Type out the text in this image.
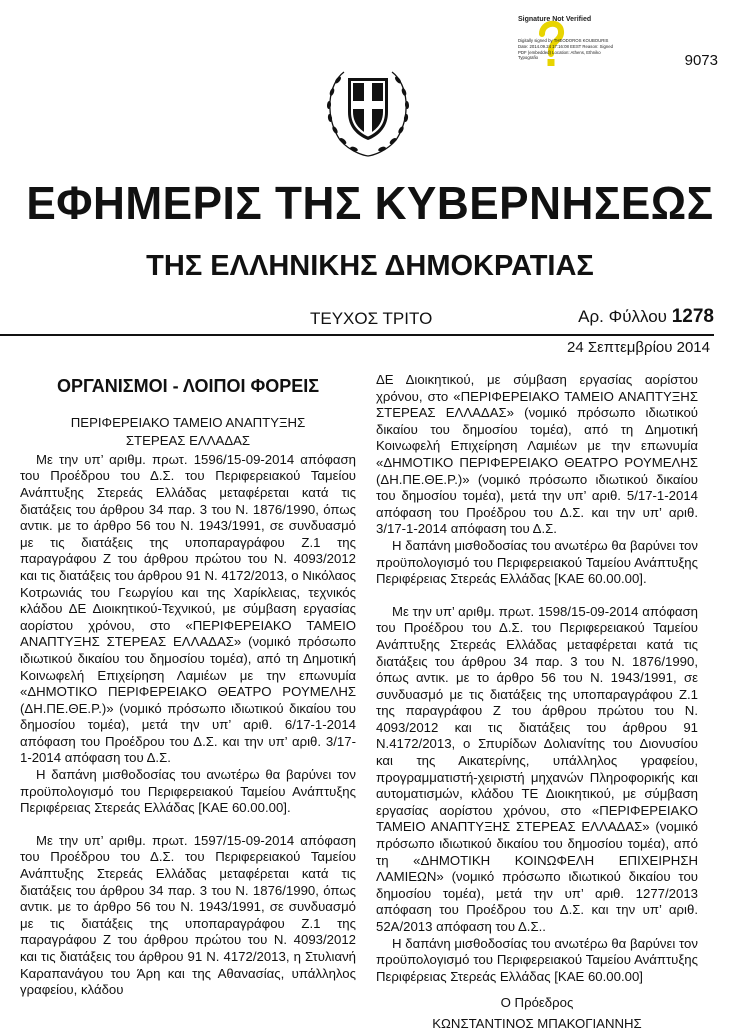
Signature Not Verified
Digitally signed by THEODOROS KOUBOURIS Date: 2014.09.24 17:16:08 EEST Reason: Signed PDF (embedded) Location: Athens, Ethniko Typografio	9073
ΕΦΗΜΕΡΙΣ ΤΗΣ ΚΥΒΕΡΝΗΣΕΩΣ
ΤΗΣ ΕΛΛΗΝΙΚΗΣ ΔΗΜΟΚΡΑΤΙΑΣ
ΤΕΥΧΟΣ ΤΡΙΤΟ	Αρ. Φύλλου 1278
24 Σεπτεμβρίου 2014
ΟΡΓΑΝΙΣΜΟΙ - ΛΟΙΠΟΙ ΦΟΡΕΙΣ
ΠΕΡΙΦΕΡΕΙΑΚΟ ΤΑΜΕΙΟ ΑΝΑΠΤΥΞΗΣ
ΣΤΕΡΕΑΣ ΕΛΛΑΔΑΣ

Με την υπ’ αριθμ. πρωτ. 1596/15-09-2014 απόφαση του Προέδρου του Δ.Σ. του Περιφερειακού Ταμείου Ανάπτυξης Στερεάς Ελλάδας μεταφέρεται κατά τις διατάξεις του άρθρου 34 παρ. 3 του Ν. 1876/1990, όπως αντικ. με το άρθρο 56 του Ν. 1943/1991, σε συνδυασμό με τις διατάξεις της υποπαραγράφου Ζ.1 της παραγράφου Ζ του άρθρου πρώτου του Ν. 4093/2012 και τις διατάξεις του άρθρου 91 Ν. 4172/2013, ο Νικόλαος Κοτρωνιάς του Γεωργίου και της Χαρίκλειας, τεχνικός κλάδου ΔΕ Διοικητικού-Τεχνικού, με σύμβαση εργασίας αορίστου χρόνου, στο «ΠΕΡΙΦΕΡΕΙΑΚΟ ΤΑΜΕΙΟ ΑΝΑΠΤΥΞΗΣ ΣΤΕΡΕΑΣ ΕΛΛΑΔΑΣ» (νομικό πρόσωπο ιδιωτικού δικαίου του δημοσίου τομέα), από τη Δημοτική Κοινωφελή Επιχείρηση Λαμιέων με την επωνυμία «ΔΗΜΟΤΙΚΟ ΠΕΡΙΦΕΡΕΙΑΚΟ ΘΕΑΤΡΟ ΡΟΥΜΕΛΗΣ (ΔΗ.ΠΕ.ΘΕ.Ρ.)» (νομικό πρόσωπο ιδιωτικού δικαίου του δημοσίου τομέα), μετά την υπ’ αριθ. 6/17-1-2014 απόφαση του Προέδρου του Δ.Σ. και την υπ’ αριθ. 3/17-1-2014 απόφαση του Δ.Σ.

Η δαπάνη μισθοδοσίας του ανωτέρω θα βαρύνει τον προϋπολογισμό του Περιφερειακού Ταμείου Ανάπτυξης Περιφέρειας Στερεάς Ελλάδας [ΚΑΕ 60.00.00].

Με την υπ’ αριθμ. πρωτ. 1597/15-09-2014 απόφαση του Προέδρου του Δ.Σ. του Περιφερειακού Ταμείου Ανάπτυξης Στερεάς Ελλάδας μεταφέρεται κατά τις διατάξεις του άρθρου 34 παρ. 3 του Ν. 1876/1990, όπως αντικ. με το άρθρο 56 του Ν. 1943/1991, σε συνδυασμό με τις διατάξεις της υποπαραγράφου Ζ.1 της παραγράφου Ζ του άρθρου πρώτου του Ν. 4093/2012 και τις διατάξεις του άρθρου 91 Ν. 4172/2013, η Στυλιανή Καραπανάγου του Άρη και της Αθανασίας, υπάλληλος γραφείου, κλάδου

ΔΕ Διοικητικού, με σύμβαση εργασίας αορίστου χρόνου, στο «ΠΕΡΙΦΕΡΕΙΑΚΟ ΤΑΜΕΙΟ ΑΝΑΠΤΥΞΗΣ ΣΤΕΡΕΑΣ ΕΛΛΑΔΑΣ» (νομικό πρόσωπο ιδιωτικού δικαίου του δημοσίου τομέα), από τη Δημοτική Κοινωφελή Επιχείρηση Λαμιέων με την επωνυμία «ΔΗΜΟΤΙΚΟ ΠΕΡΙΦΕΡΕΙΑΚΟ ΘΕΑΤΡΟ ΡΟΥΜΕΛΗΣ (ΔΗ.ΠΕ.ΘΕ.Ρ.)» (νομικό πρόσωπο ιδιωτικού δικαίου του δημοσίου τομέα), μετά την υπ’ αριθ. 5/17-1-2014 απόφαση του Προέδρου του Δ.Σ. και την υπ’ αριθ. 3/17-1-2014 απόφαση του Δ.Σ.

Η δαπάνη μισθοδοσίας του ανωτέρω θα βαρύνει τον προϋπολογισμό του Περιφερειακού Ταμείου Ανάπτυξης Περιφέρειας Στερεάς Ελλάδας [ΚΑΕ 60.00.00].

Με την υπ’ αριθμ. πρωτ. 1598/15-09-2014 απόφαση του Προέδρου του Δ.Σ. του Περιφερειακού Ταμείου Ανάπτυξης Στερεάς Ελλάδας μεταφέρεται κατά τις διατάξεις του άρθρου 34 παρ. 3 του Ν. 1876/1990, όπως αντικ. με το άρθρο 56 του Ν. 1943/1991, σε συνδυασμό με τις διατάξεις της υποπαραγράφου Ζ.1 της παραγράφου Ζ του άρθρου πρώτου του Ν. 4093/2012 και τις διατάξεις του άρθρου 91 Ν.4172/2013, ο Σπυρίδων Δολιανίτης του Διονυσίου και της Αικατερίνης, υπάλληλος γραφείου, προγραμματιστή-χειριστή μηχανών Πληροφορικής και αυτοματισμών, κλάδου ΤΕ Διοικητικού, με σύμβαση εργασίας αορίστου χρόνου, στο «ΠΕΡΙΦΕΡΕΙΑΚΟ ΤΑΜΕΙΟ ΑΝΑΠΤΥΞΗΣ ΣΤΕΡΕΑΣ ΕΛΛΑΔΑΣ» (νομικό πρόσωπο ιδιωτικού δικαίου του δημοσίου τομέα), από τη «ΔΗΜΟΤΙΚΗ ΚΟΙΝΩΦΕΛΗ ΕΠΙΧΕΙΡΗΣΗ ΛΑΜΙΕΩΝ» (νομικό πρόσωπο ιδιωτικού δικαίου του δημοσίου τομέα), μετά την υπ’ αριθ. 1277/2013 απόφαση του Προέδρου του Δ.Σ. και την υπ’ αριθ. 52Α/2013 απόφαση του Δ.Σ..

Η δαπάνη μισθοδοσίας του ανωτέρω θα βαρύνει τον προϋπολογισμό του Περιφερειακού Ταμείου Ανάπτυξης Περιφέρειας Στερεάς Ελλάδας [ΚΑΕ 60.00.00]

Ο Πρόεδρος
ΚΩΝΣΤΑΝΤΙΝΟΣ ΜΠΑΚΟΓΙΑΝΝΗΣ
